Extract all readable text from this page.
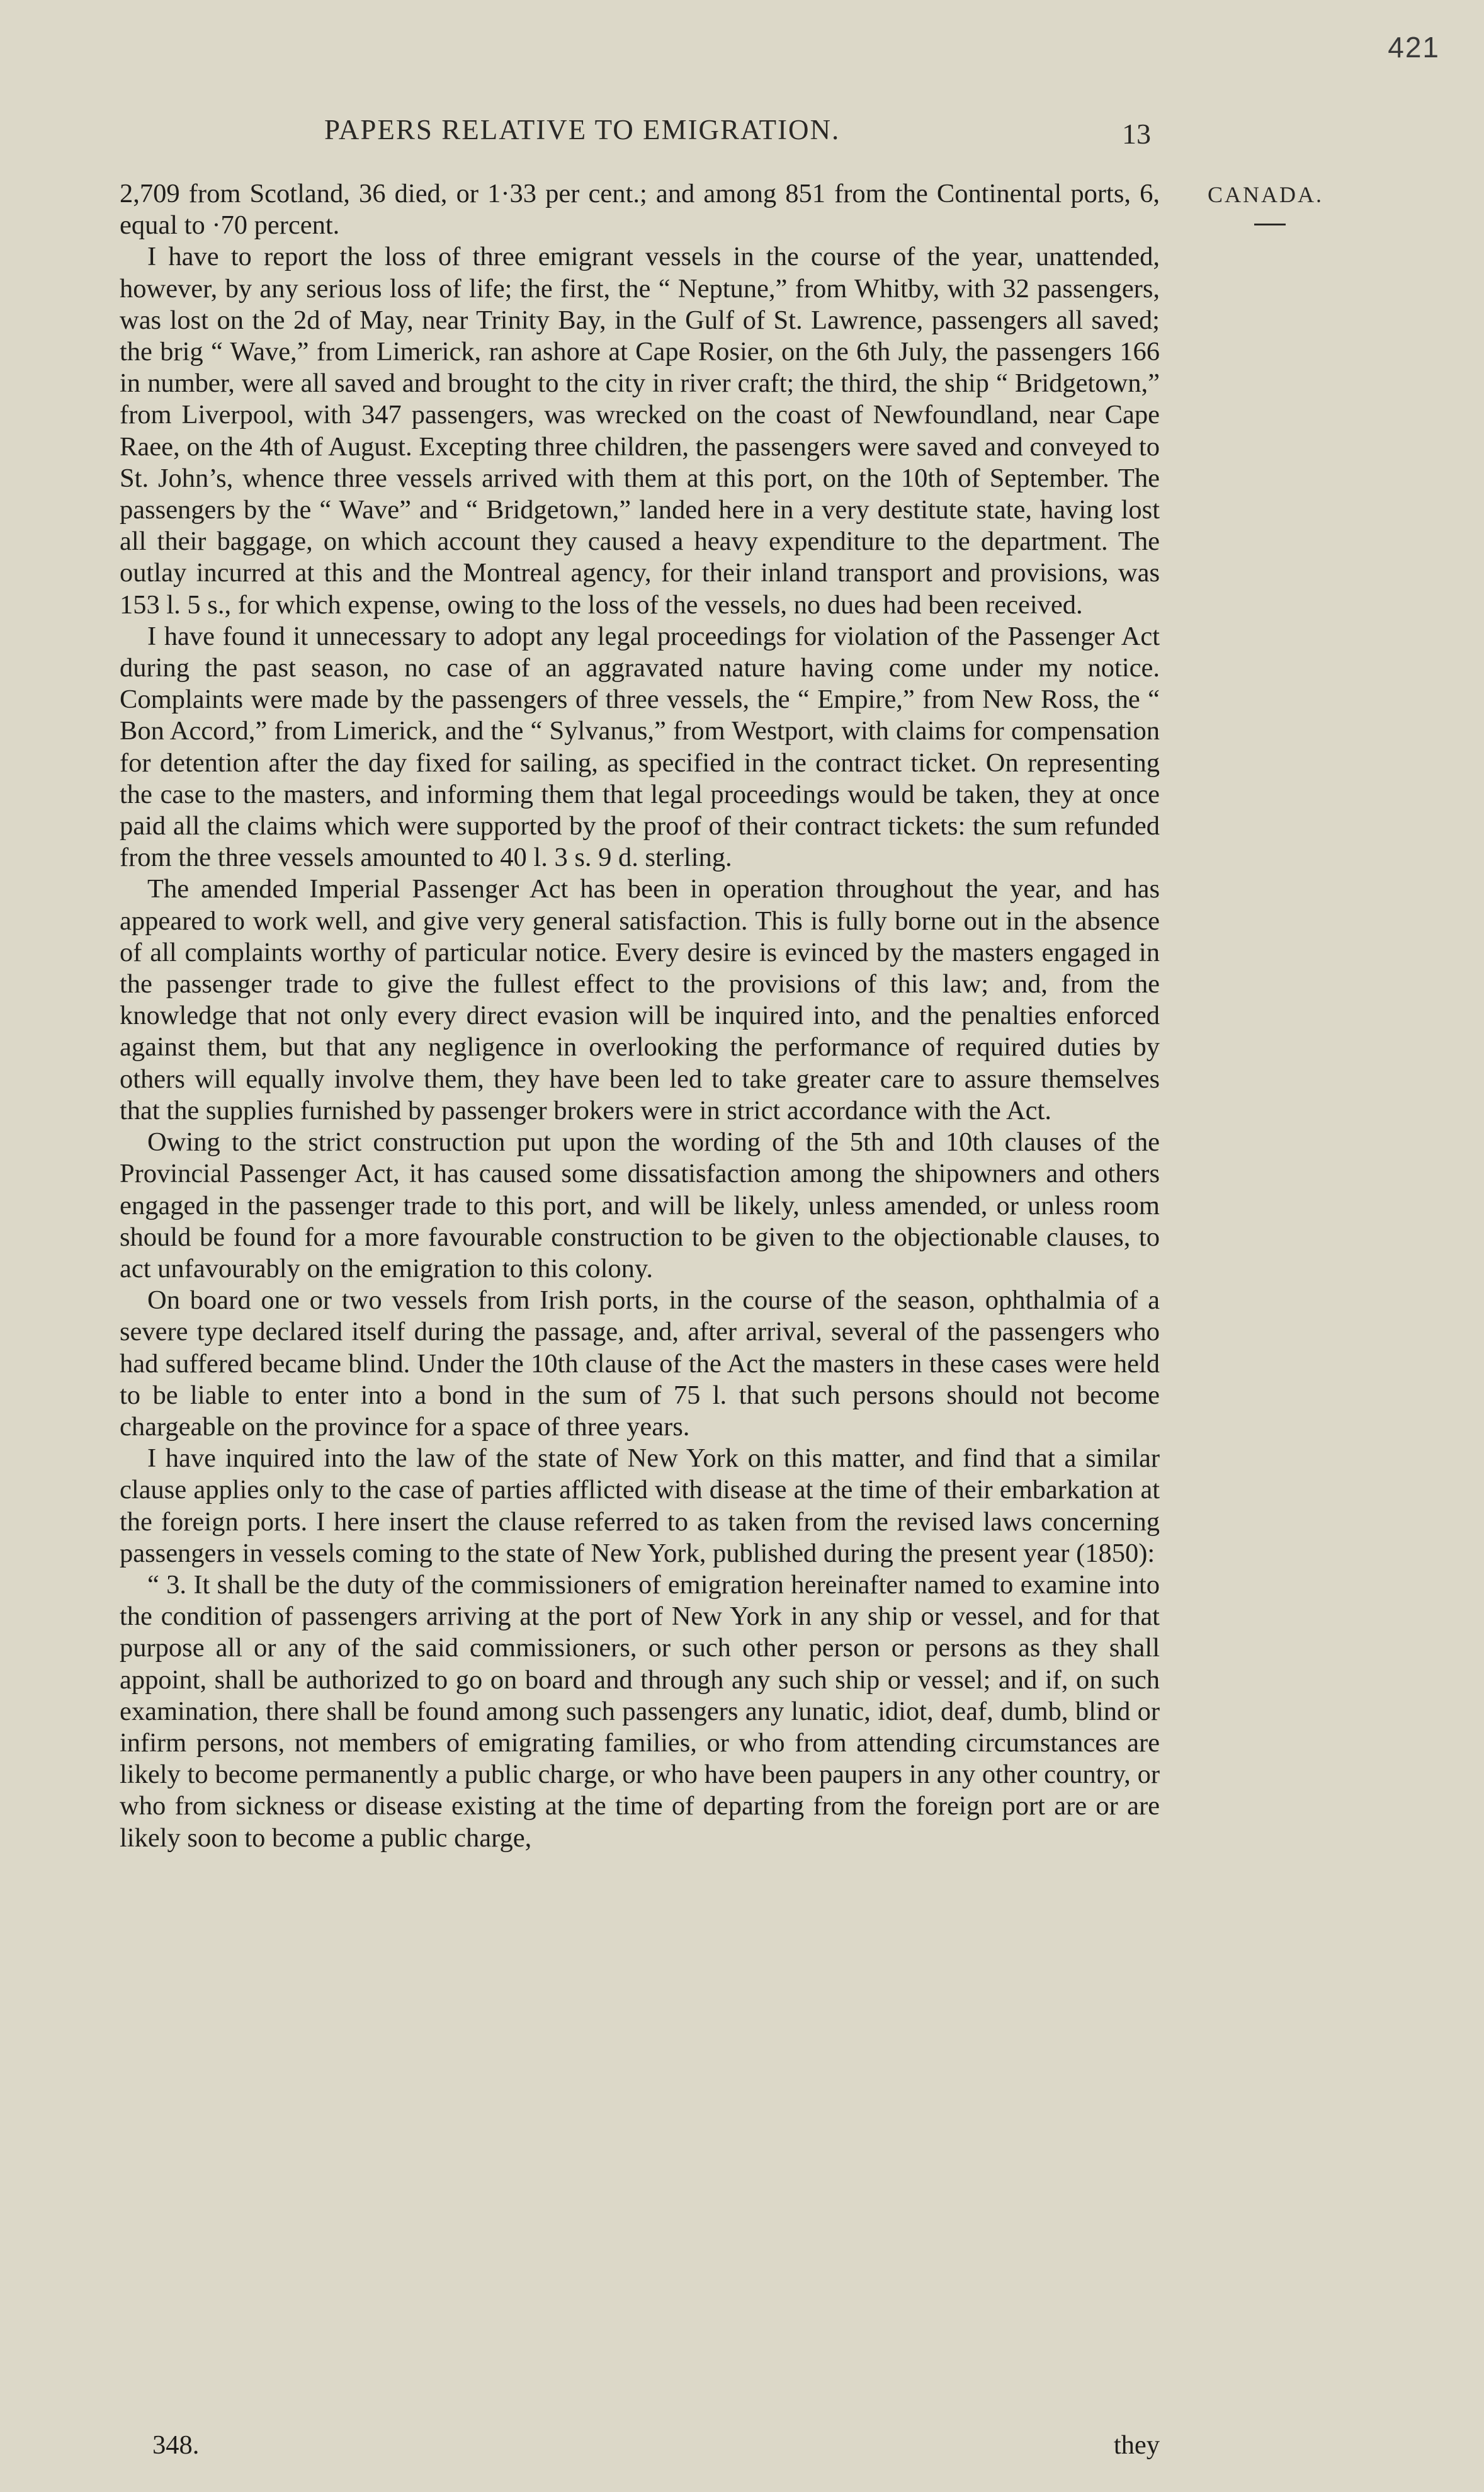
421
PAPERS RELATIVE TO EMIGRATION.	13
CANADA.

2,709 from Scotland, 36 died, or 1·33 per cent.; and among 851 from the Continental ports, 6, equal to ·70 percent.

I have to report the loss of three emigrant vessels in the course of the year, unattended, however, by any serious loss of life; the first, the “ Neptune,” from Whitby, with 32 passengers, was lost on the 2d of May, near Trinity Bay, in the Gulf of St. Lawrence, passengers all saved; the brig “ Wave,” from Limerick, ran ashore at Cape Rosier, on the 6th July, the passengers 166 in number, were all saved and brought to the city in river craft; the third, the ship “ Bridgetown,” from Liverpool, with 347 passengers, was wrecked on the coast of Newfoundland, near Cape Raee, on the 4th of August. Excepting three children, the passengers were saved and conveyed to St. John’s, whence three vessels arrived with them at this port, on the 10th of September. The passengers by the “ Wave” and “ Bridgetown,” landed here in a very destitute state, having lost all their baggage, on which account they caused a heavy expenditure to the department. The outlay incurred at this and the Montreal agency, for their inland transport and provisions, was 153 l. 5 s., for which expense, owing to the loss of the vessels, no dues had been received.

I have found it unnecessary to adopt any legal proceedings for violation of the Passenger Act during the past season, no case of an aggravated nature having come under my notice. Complaints were made by the passengers of three vessels, the “ Empire,” from New Ross, the “ Bon Accord,” from Limerick, and the “ Sylvanus,” from Westport, with claims for compensation for detention after the day fixed for sailing, as specified in the contract ticket. On representing the case to the masters, and informing them that legal proceedings would be taken, they at once paid all the claims which were supported by the proof of their contract tickets: the sum refunded from the three vessels amounted to 40 l. 3 s. 9 d. sterling.

The amended Imperial Passenger Act has been in operation throughout the year, and has appeared to work well, and give very general satisfaction. This is fully borne out in the absence of all complaints worthy of particular notice. Every desire is evinced by the masters engaged in the passenger trade to give the fullest effect to the provisions of this law; and, from the knowledge that not only every direct evasion will be inquired into, and the penalties enforced against them, but that any negligence in overlooking the performance of required duties by others will equally involve them, they have been led to take greater care to assure themselves that the supplies furnished by passenger brokers were in strict accordance with the Act.

Owing to the strict construction put upon the wording of the 5th and 10th clauses of the Provincial Passenger Act, it has caused some dissatisfaction among the shipowners and others engaged in the passenger trade to this port, and will be likely, unless amended, or unless room should be found for a more favourable construction to be given to the objectionable clauses, to act unfavourably on the emigration to this colony.

On board one or two vessels from Irish ports, in the course of the season, ophthalmia of a severe type declared itself during the passage, and, after arrival, several of the passengers who had suffered became blind. Under the 10th clause of the Act the masters in these cases were held to be liable to enter into a bond in the sum of 75 l. that such persons should not become chargeable on the province for a space of three years.

I have inquired into the law of the state of New York on this matter, and find that a similar clause applies only to the case of parties afflicted with disease at the time of their embarkation at the foreign ports. I here insert the clause referred to as taken from the revised laws concerning passengers in vessels coming to the state of New York, published during the present year (1850):

“ 3. It shall be the duty of the commissioners of emigration hereinafter named to examine into the condition of passengers arriving at the port of New York in any ship or vessel, and for that purpose all or any of the said commissioners, or such other person or persons as they shall appoint, shall be authorized to go on board and through any such ship or vessel; and if, on such examination, there shall be found among such passengers any lunatic, idiot, deaf, dumb, blind or infirm persons, not members of emigrating families, or who from attending circumstances are likely to become permanently a public charge, or who have been paupers in any other country, or who from sickness or disease existing at the time of departing from the foreign port are or are likely soon to become a public charge,

348.	they
